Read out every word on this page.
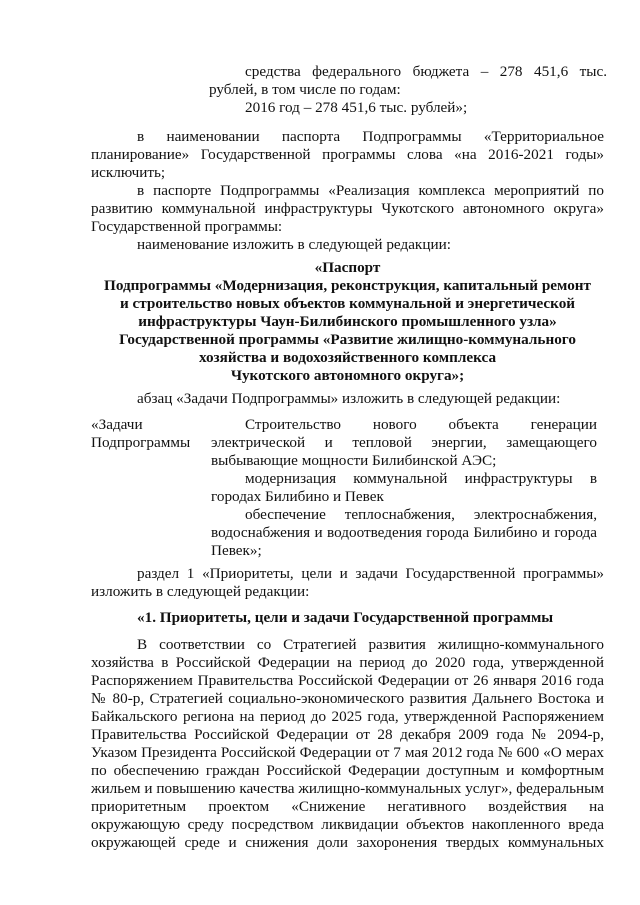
средства федерального бюджета – 278 451,6 тыс.
рублей, в том числе по годам:
2016 год – 278 451,6 тыс. рублей»;
в наименовании паспорта Подпрограммы «Территориальное
планирование» Государственной программы слова «на 2016-2021 годы»
исключить;
в паспорте Подпрограммы «Реализация комплекса мероприятий по
развитию коммунальной инфраструктуры Чукотского автономного округа»
Государственной программы:
наименование изложить в следующей редакции:
«Паспорт
Подпрограммы «Модернизация, реконструкция, капитальный ремонт
и строительство новых объектов коммунальной и энергетической
инфраструктуры Чаун-Билибинского промышленного узла»
Государственной программы «Развитие жилищно-коммунального
хозяйства и водохозяйственного комплекса
Чукотского автономного округа»;
абзац «Задачи Подпрограммы» изложить в следующей редакции:
«Задачи
Подпрограммы
Строительство нового объекта генерации
электрической и тепловой энергии, замещающего
выбывающие мощности Билибинской АЭС;
модернизация коммунальной инфраструктуры в
городах Билибино и Певек
обеспечение теплоснабжения, электроснабжения,
водоснабжения и водоотведения города Билибино и города
Певек»;
раздел 1 «Приоритеты, цели и задачи Государственной программы»
изложить в следующей редакции:
«1. Приоритеты, цели и задачи Государственной программы
В соответствии со Стратегией развития жилищно-коммунального
хозяйства в Российской Федерации на период до 2020 года, утвержденной
Распоряжением Правительства Российской Федерации от 26 января 2016 года
№ 80-р, Стратегией социально-экономического развития Дальнего Востока и
Байкальского региона на период до 2025 года, утвержденной Распоряжением
Правительства Российской Федерации от 28 декабря 2009 года № 2094-р,
Указом Президента Российской Федерации от 7 мая 2012 года № 600 «О мерах
по обеспечению граждан Российской Федерации доступным и комфортным
жильем и повышению качества жилищно-коммунальных услуг», федеральным
приоритетным проектом «Снижение негативного воздействия на
окружающую среду посредством ликвидации объектов накопленного вреда
окружающей среде и снижения доли захоронения твердых коммунальных
